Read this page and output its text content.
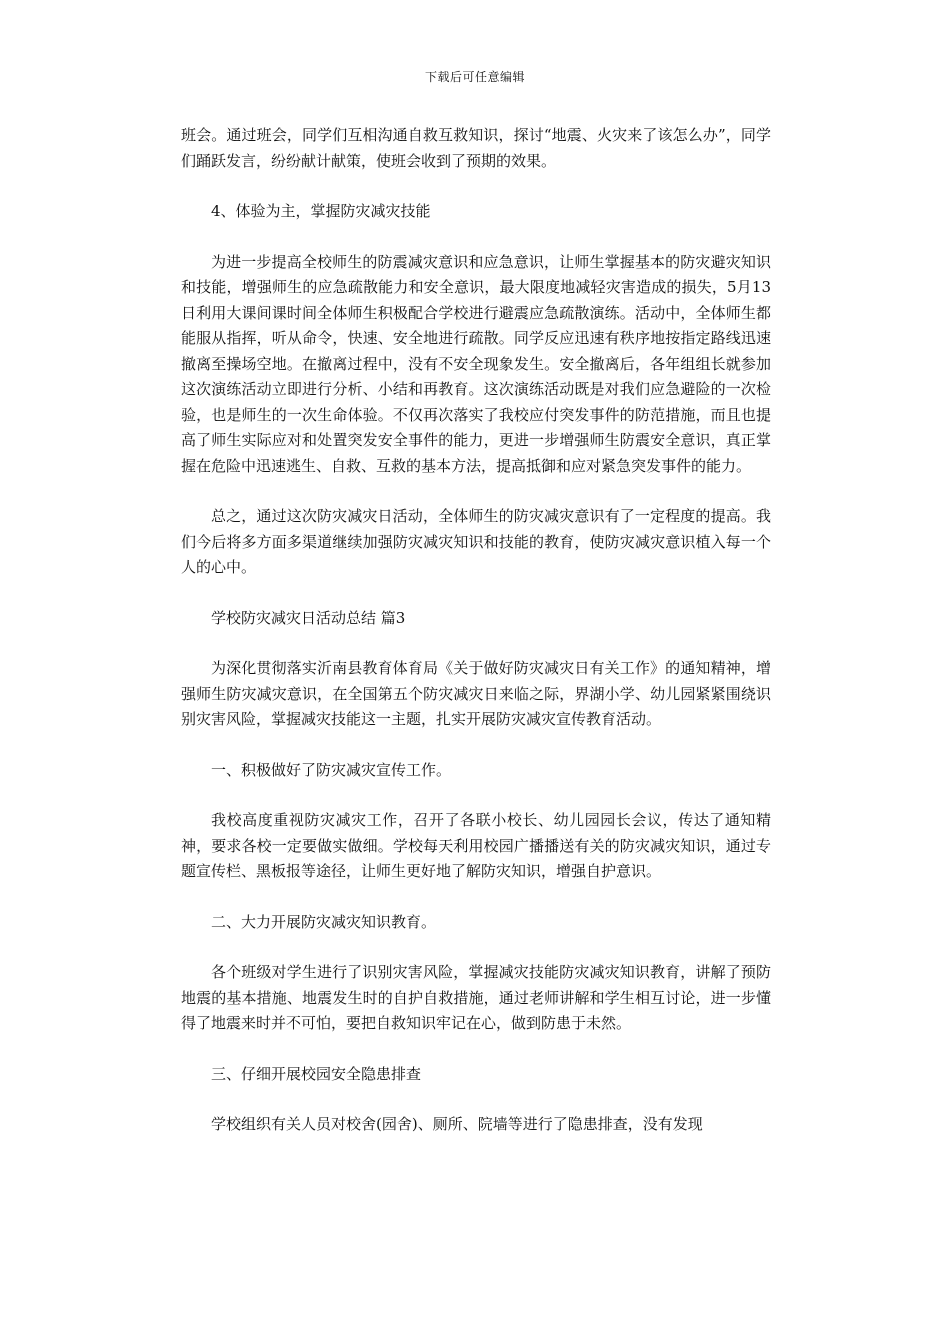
下载后可任意编辑

班会。通过班会，同学们互相沟通自救互救知识，探讨“地震、火灾来了该怎么办”，同学们踊跃发言，纷纷献计献策，使班会收到了预期的效果。

4、体验为主，掌握防灾减灾技能

为进一步提高全校师生的防震减灾意识和应急意识，让师生掌握基本的防灾避灾知识和技能，增强师生的应急疏散能力和安全意识，最大限度地减轻灾害造成的损失，5月13日利用大课间课时间全体师生积极配合学校进行避震应急疏散演练。活动中，全体师生都能服从指挥，听从命令，快速、安全地进行疏散。同学反应迅速有秩序地按指定路线迅速撤离至操场空地。在撤离过程中，没有不安全现象发生。安全撤离后，各年组组长就参加这次演练活动立即进行分析、小结和再教育。这次演练活动既是对我们应急避险的一次检验，也是师生的一次生命体验。不仅再次落实了我校应付突发事件的防范措施，而且也提高了师生实际应对和处置突发安全事件的能力，更进一步增强师生防震安全意识，真正掌握在危险中迅速逃生、自救、互救的基本方法，提高抵御和应对紧急突发事件的能力。

总之，通过这次防灾减灾日活动，全体师生的防灾减灾意识有了一定程度的提高。我们今后将多方面多渠道继续加强防灾减灾知识和技能的教育，使防灾减灾意识植入每一个人的心中。

学校防灾减灾日活动总结 篇3

为深化贯彻落实沂南县教育体育局《关于做好防灾减灾日有关工作》的通知精神，增强师生防灾减灾意识，在全国第五个防灾减灾日来临之际，界湖小学、幼儿园紧紧围绕识别灾害风险，掌握减灾技能这一主题，扎实开展防灾减灾宣传教育活动。

一、积极做好了防灾减灾宣传工作。

我校高度重视防灾减灾工作，召开了各联小校长、幼儿园园长会议，传达了通知精神，要求各校一定要做实做细。学校每天利用校园广播播送有关的防灾减灾知识，通过专题宣传栏、黑板报等途径，让师生更好地了解防灾知识，增强自护意识。

二、大力开展防灾减灾知识教育。

各个班级对学生进行了识别灾害风险，掌握减灾技能防灾减灾知识教育，讲解了预防地震的基本措施、地震发生时的自护自救措施，通过老师讲解和学生相互讨论，进一步懂得了地震来时并不可怕，要把自救知识牢记在心，做到防患于未然。

三、仔细开展校园安全隐患排查

学校组织有关人员对校舍(园舍)、厕所、院墙等进行了隐患排查，没有发现
